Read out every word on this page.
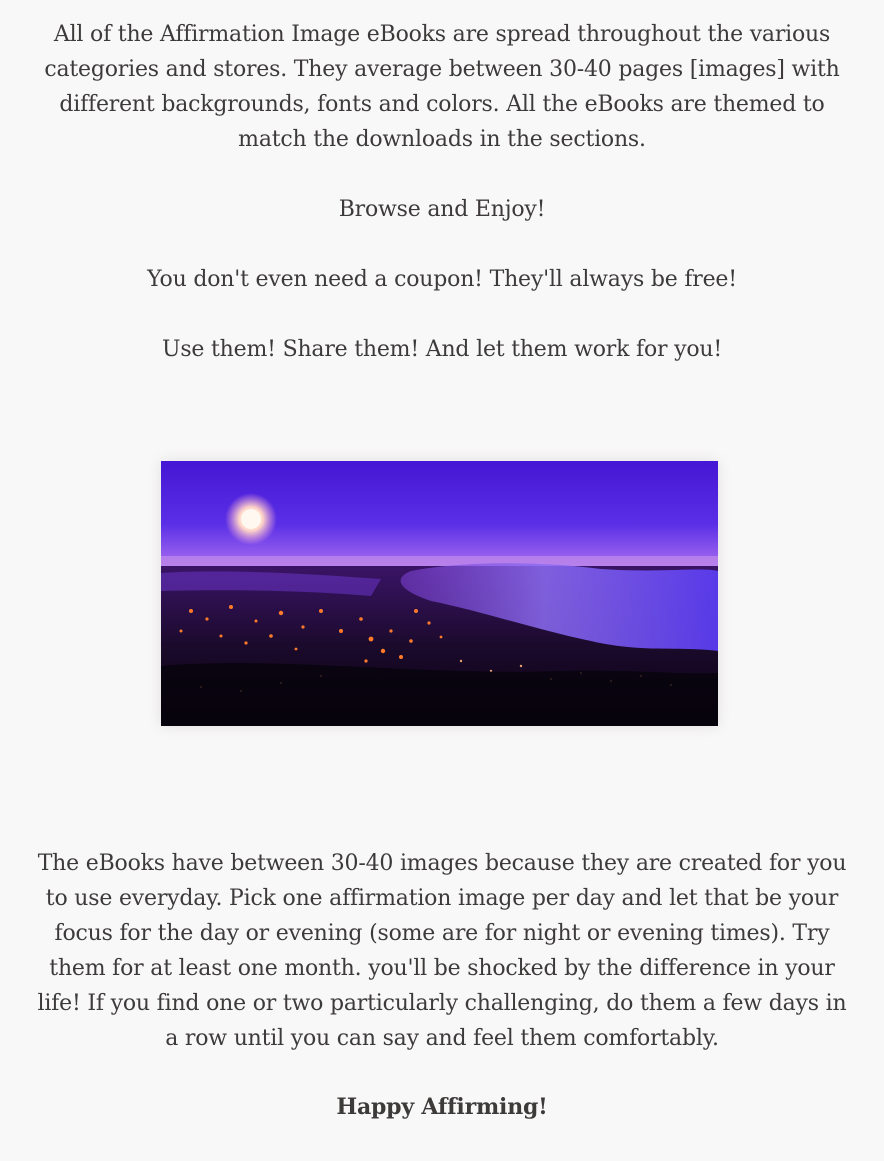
All of the Affirmation Image eBooks are spread throughout the various categories and stores. They average between 30-40 pages [images] with different backgrounds, fonts and colors. All the eBooks are themed to match the downloads in the sections.

Browse and Enjoy!

You don't even need a coupon! They'll always be free!

Use them! Share them! And let them work for you!

The eBooks have between 30-40 images because they are created for you to use everyday. Pick one affirmation image per day and let that be your focus for the day or evening (some are for night or evening times). Try them for at least one month. you'll be shocked by the difference in your life! If you find one or two particularly challenging, do them a few days in a row until you can say and feel them comfortably.

Happy Affirming!
